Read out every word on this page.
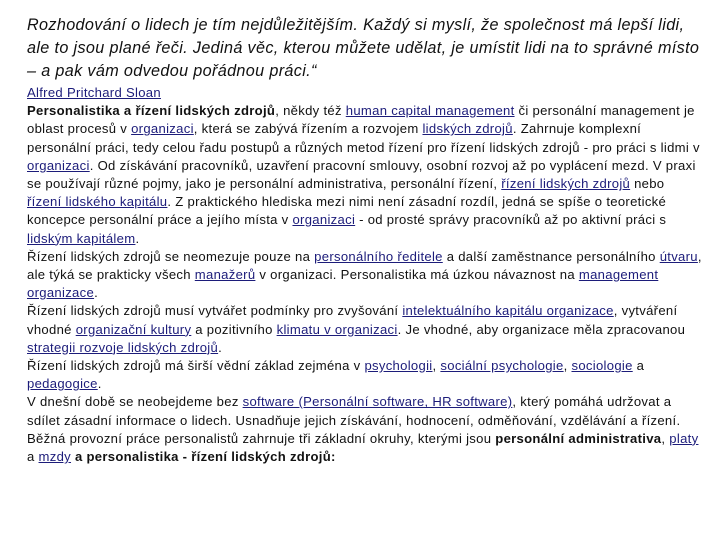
Rozhodování o lidech je tím nejdůležitějším. Každý si myslí, že společnost má lepší lidi, ale to jsou plané řeči. Jediná věc, kterou můžete udělat, je umístit lidi na to správné místo – a pak vám odvedou pořádnou práci.“

Alfred Pritchard Sloan

Personalistika a řízení lidských zdrojů, někdy též human capital management či personální management je oblast procesů v organizaci, která se zabývá řízením a rozvojem lidských zdrojů. Zahrnuje komplexní personální práci, tedy celou řadu postupů a různých metod řízení pro řízení lidských zdrojů - pro práci s lidmi v organizaci. Od získávání pracovníků, uzavření pracovní smlouvy, osobní rozvoj až po vyplácení mezd. V praxi se používají různé pojmy, jako je personální administrativa, personální řízení, řízení lidských zdrojů nebo řízení lidského kapitálu. Z praktického hlediska mezi nimi není zásadní rozdíl, jedná se spíše o teoretické koncepce personální práce a jejího místa v organizaci - od prosté správy pracovníků až po aktivní práci s lidským kapitálem.

Řízení lidských zdrojů se neomezuje pouze na personálního ředitele a další zaměstnance personálního útvaru, ale týká se prakticky všech manažerů v organizaci. Personalistika má úzkou návaznost na management organizace.

Řízení lidských zdrojů musí vytvářet podmínky pro zvyšování intelektuálního kapitálu organizace, vytváření vhodné organizační kultury a pozitivního klimatu v organizaci. Je vhodné, aby organizace měla zpracovanou strategii rozvoje lidských zdrojů.

Řízení lidských zdrojů má širší vědní základ zejména v psychologii, sociální psychologie, sociologie a pedagogice.

V dnešní době se neobejdeme bez software (Personální software, HR software), který pomáhá udržovat a sdílet zásadní informace o lidech. Usnadňuje jejich získávání, hodnocení, odměňování, vzdělávání a řízení.

Běžná provozní práce personalistů zahrnuje tři základní okruhy, kterými jsou personální administrativa, platy a mzdy a personalistika - řízení lidských zdrojů:
